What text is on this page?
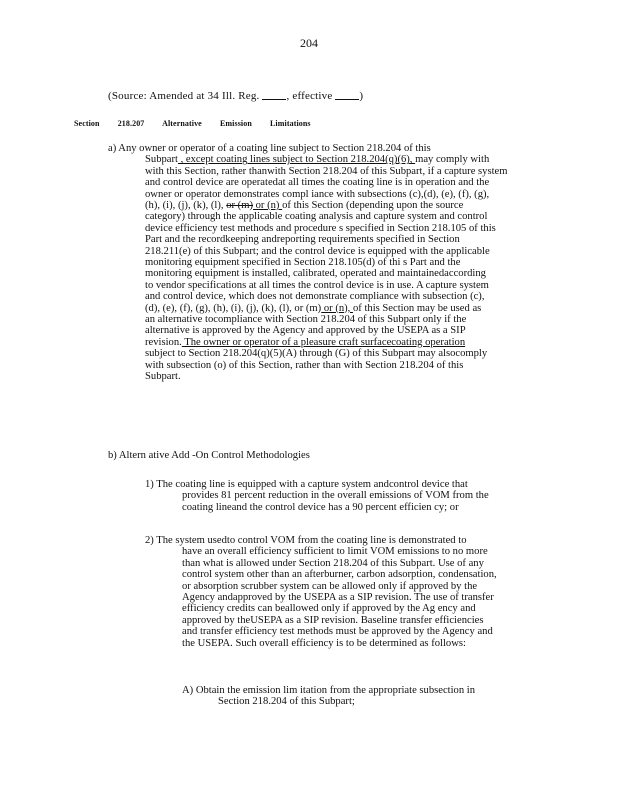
204
(Source: Amended at 34 Ill. Reg. , effective )
Section 218.207 Alternative Emission Limitations
a) Any owner or operator of a coating line subject to Section 218.204 of this
Subpart , except coating lines subject to Section 218.204(q)(6), may comply with
with this Section, rather thanwith Section 218.204 of this Subpart, if a capture system
and control device are operatedat all times the coating line is in operation and the
owner or operator demonstrates compl iance with subsections (c),(d), (e), (f), (g),
(h), (i), (j), (k), (l), or (m) or (n) of this Section (depending upon the source
category) through the applicable coating analysis and capture system and control
device efficiency test methods and procedure s specified in Section 218.105 of this
Part and the recordkeeping andreporting requirements specified in Section
218.211(e) of this Subpart; and the control device is equipped with the applicable
monitoring equipment specified in Section 218.105(d) of thi s Part and the
monitoring equipment is installed, calibrated, operated and maintainedaccording
to vendor specifications at all times the control device is in use. A capture system
and control device, which does not demonstrate compliance with subsection (c),
(d), (e), (f), (g), (h), (i), (j), (k), (l), or (m) or (n), of this Section may be used as
an alternative tocompliance with Section 218.204 of this Subpart only if the
alternative is approved by the Agency and approved by the USEPA as a SIP
revision. The owner or operator of a pleasure craft surfacecoating operation
subject to Section 218.204(q)(5)(A) through (G) of this Subpart may alsocomply
with subsection (o) of this Section, rather than with Section 218.204 of this
Subpart.
b) Altern ative Add -On Control Methodologies
1) The coating line is equipped with a capture system andcontrol device that
provides 81 percent reduction in the overall emissions of VOM from the
coating lineand the control device has a 90 percent efficien cy; or
2) The system usedto control VOM from the coating line is demonstrated to
have an overall efficiency sufficient to limit VOM emissions to no more
than what is allowed under Section 218.204 of this Subpart. Use of any
control system other than an afterburner, carbon adsorption, condensation,
or absorption scrubber system can be allowed only if approved by the
Agency andapproved by the USEPA as a SIP revision. The use of transfer
efficiency credits can beallowed only if approved by the Ag ency and
approved by theUSEPA as a SIP revision. Baseline transfer efficiencies
and transfer efficiency test methods must be approved by the Agency and
the USEPA. Such overall efficiency is to be determined as follows:
A) Obtain the emission lim itation from the appropriate subsection in
Section 218.204 of this Subpart;
